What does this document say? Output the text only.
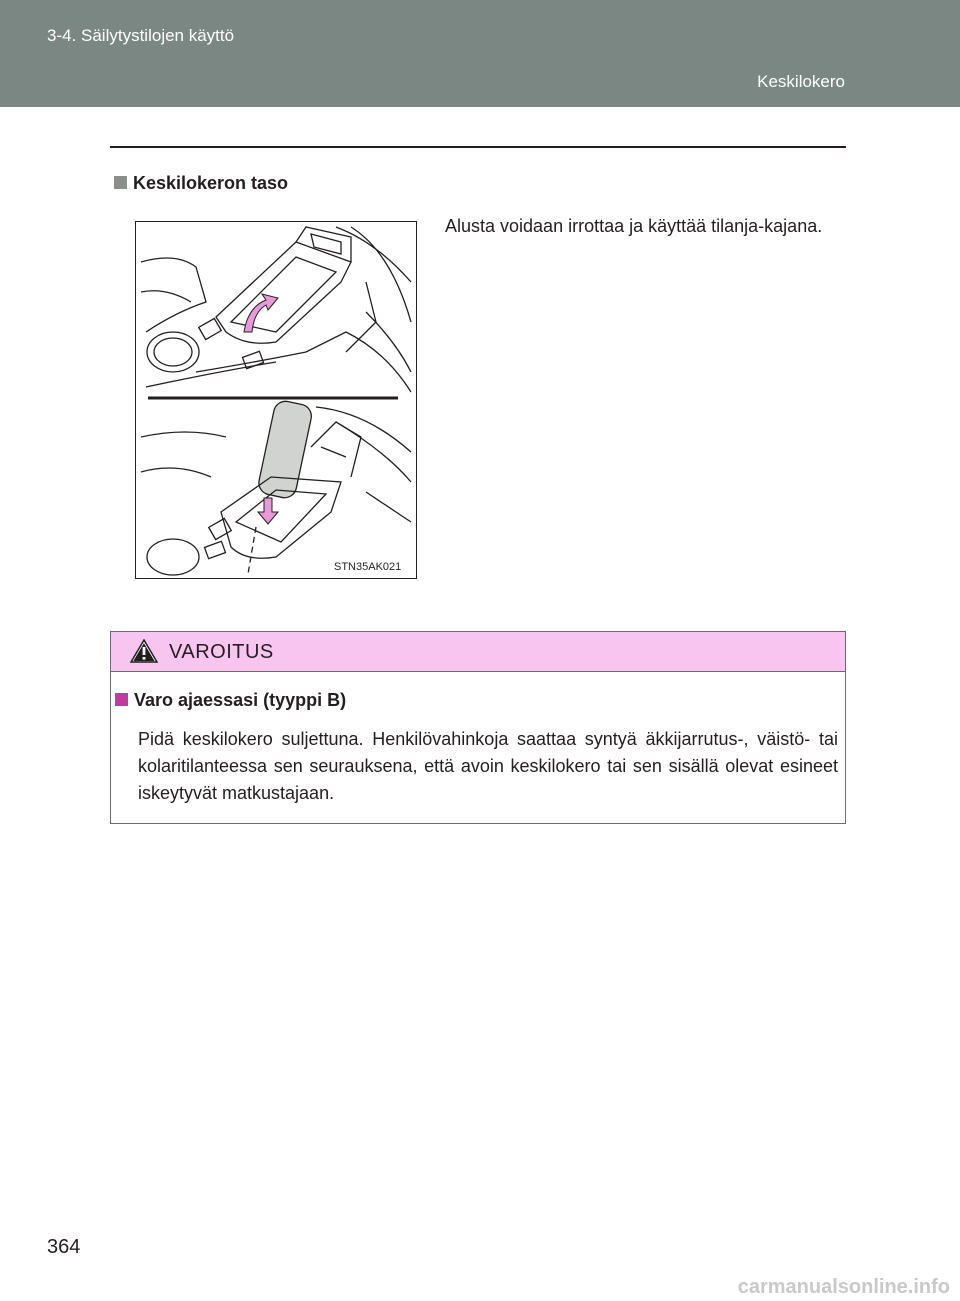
3-4. Säilytystilojen käyttö
Keskilokero
Keskilokeron taso
STN35AK021
Alusta voidaan irrottaa ja käyttää tilanja-kajana.
VAROITUS
Varo ajaessasi (tyyppi B)
Pidä keskilokero suljettuna. Henkilövahinkoja saattaa syntyä äkkijarrutus-, väistö- tai kolaritilanteessa sen seurauksena, että avoin keskilokero tai sen sisällä olevat esineet iskeytyvät matkustajaan.
364
carmanualsonline.info
